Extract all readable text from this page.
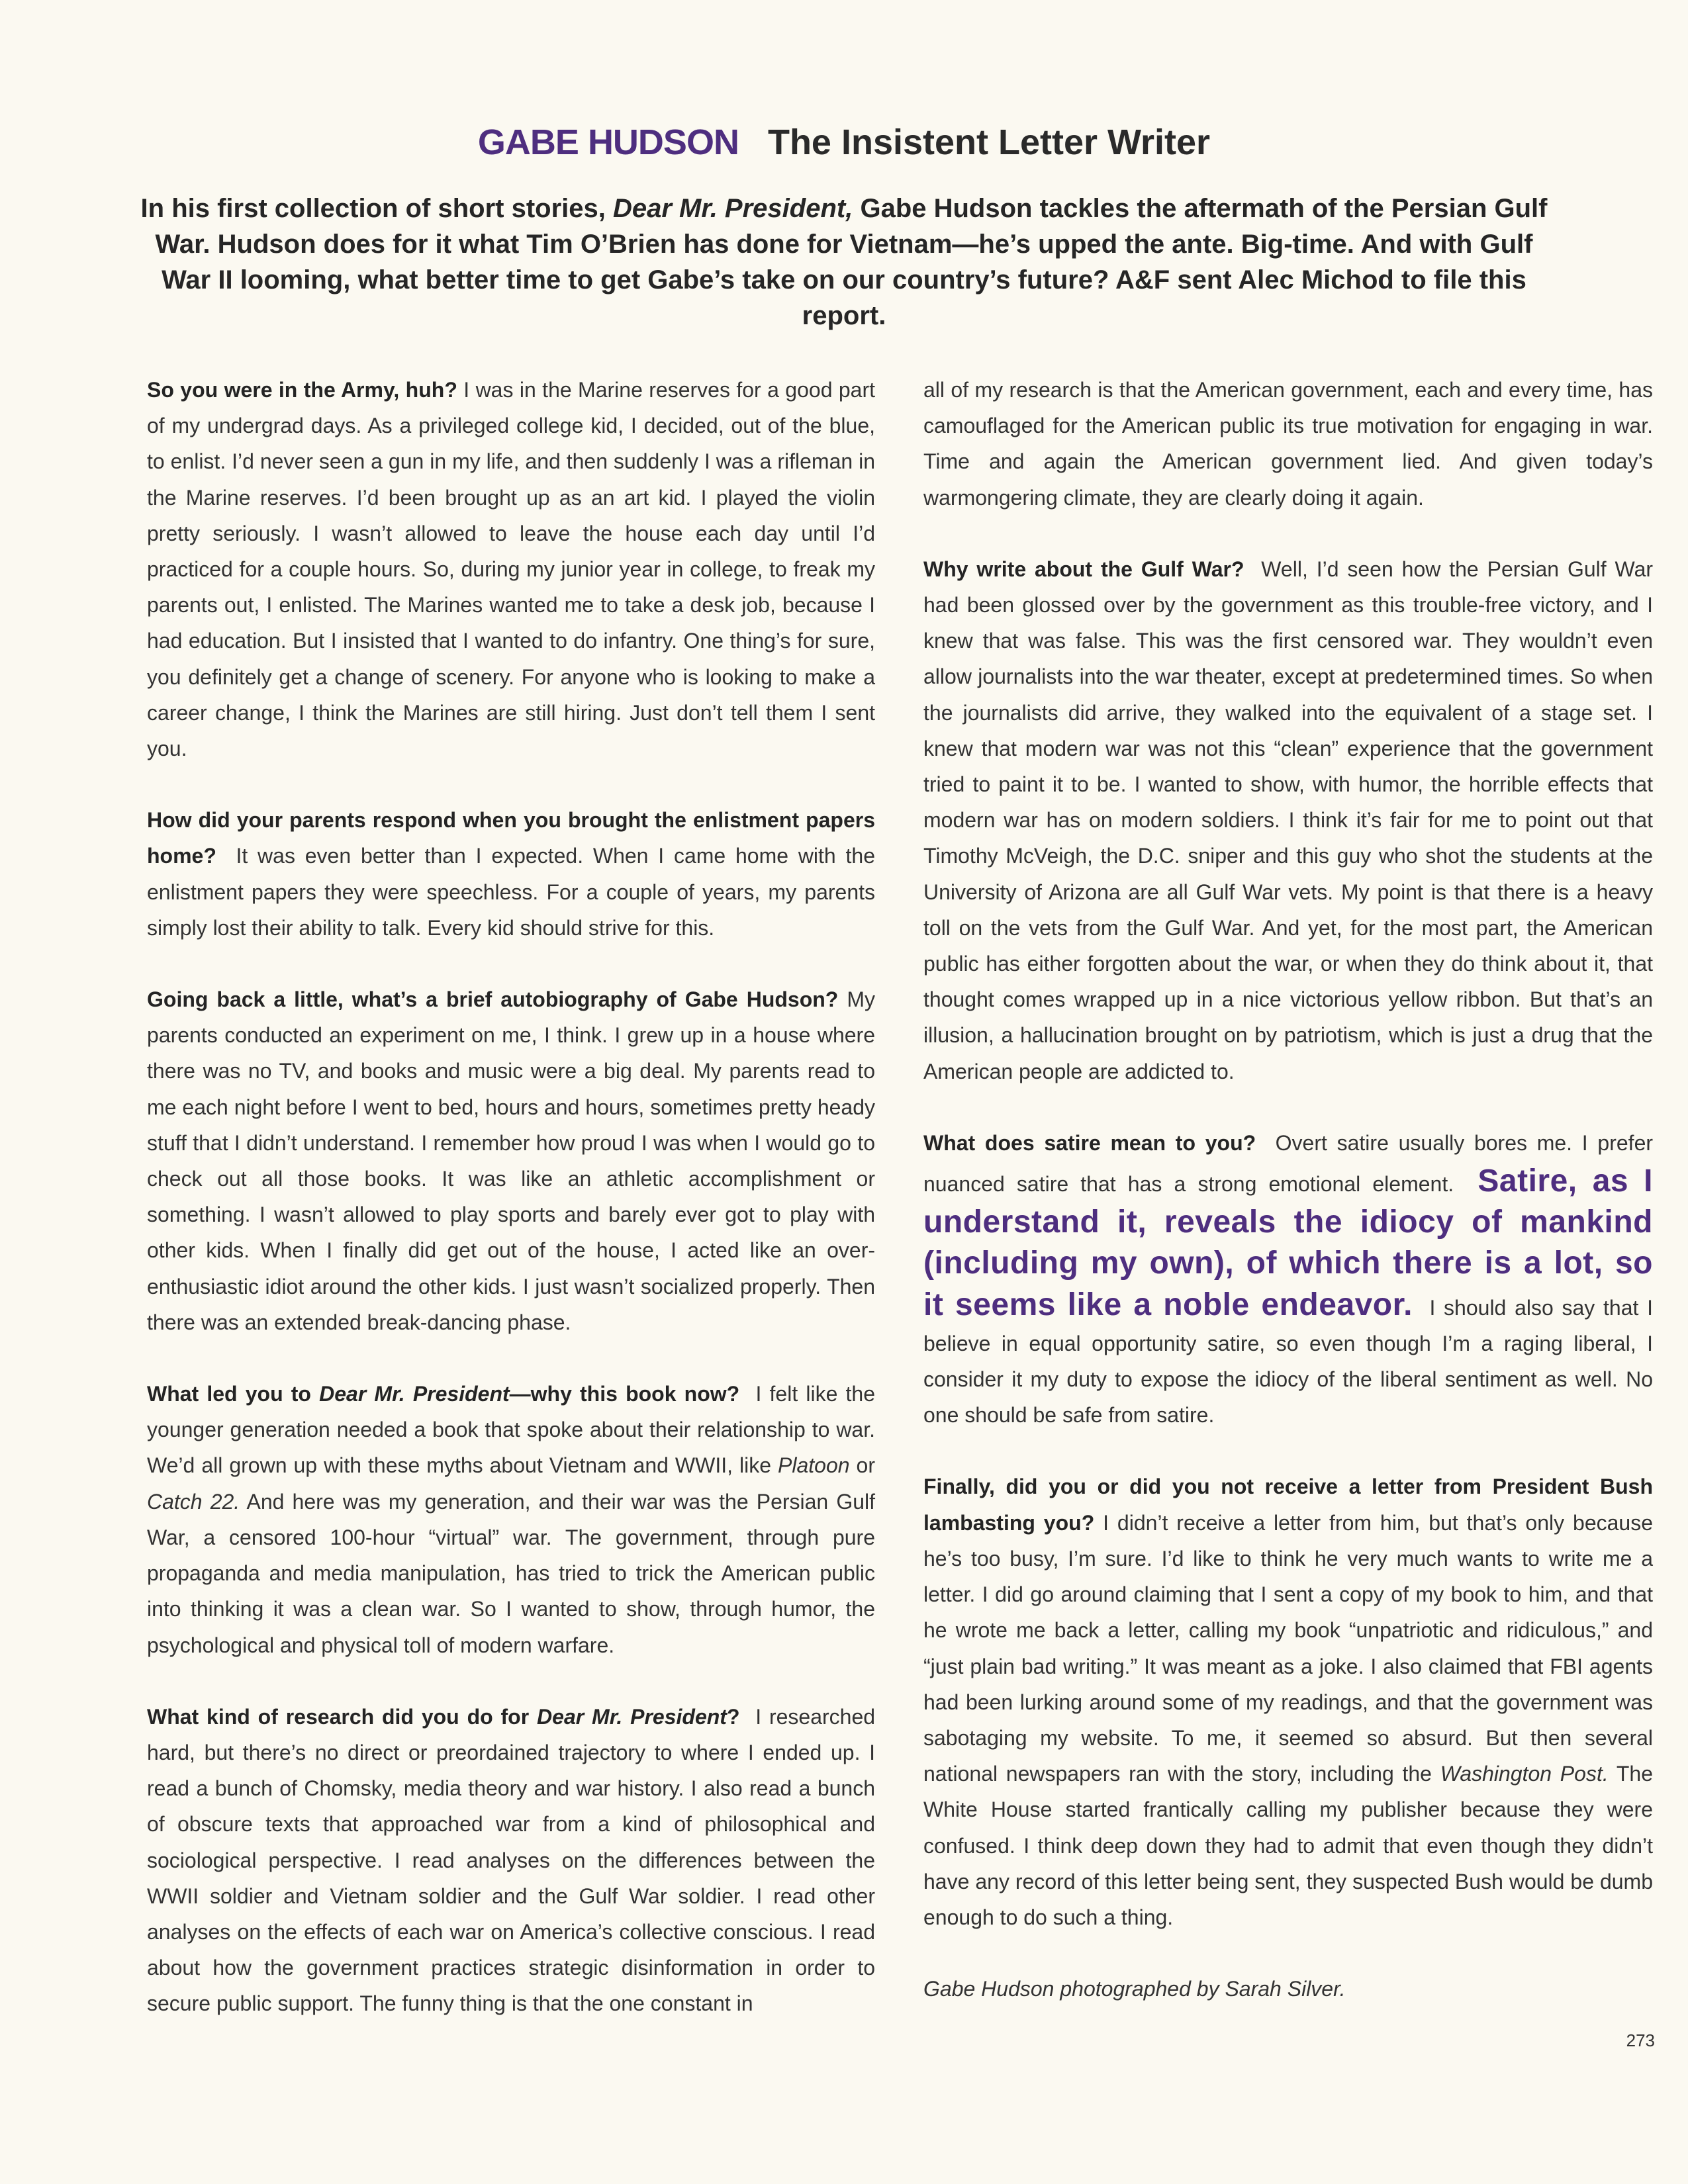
GABE HUDSON The Insistent Letter Writer
In his first collection of short stories, Dear Mr. President, Gabe Hudson tackles the aftermath of the Persian Gulf War. Hudson does for it what Tim O’Brien has done for Vietnam—he’s upped the ante. Big-time. And with Gulf War II looming, what better time to get Gabe’s take on our country’s future? A&F sent Alec Michod to file this report.

So you were in the Army, huh? I was in the Marine reserves for a good part of my undergrad days. As a privileged college kid, I decided, out of the blue, to enlist. I’d never seen a gun in my life, and then suddenly I was a rifleman in the Marine reserves. I’d been brought up as an art kid. I played the violin pretty seriously. I wasn’t allowed to leave the house each day until I’d practiced for a couple hours. So, during my junior year in college, to freak my parents out, I enlisted. The Marines wanted me to take a desk job, because I had education. But I insisted that I wanted to do infantry. One thing’s for sure, you definitely get a change of scenery. For anyone who is looking to make a career change, I think the Marines are still hiring. Just don’t tell them I sent you.

How did your parents respond when you brought the enlistment papers home? It was even better than I expected. When I came home with the enlistment papers they were speechless. For a couple of years, my parents simply lost their ability to talk. Every kid should strive for this.

Going back a little, what’s a brief autobiography of Gabe Hudson? My parents conducted an experiment on me, I think. I grew up in a house where there was no TV, and books and music were a big deal. My parents read to me each night before I went to bed, hours and hours, sometimes pretty heady stuff that I didn’t understand. I remember how proud I was when I would go to check out all those books. It was like an athletic accomplishment or something. I wasn’t allowed to play sports and barely ever got to play with other kids. When I finally did get out of the house, I acted like an over-enthusiastic idiot around the other kids. I just wasn’t socialized properly. Then there was an extended break-dancing phase.

What led you to Dear Mr. President—why this book now? I felt like the younger generation needed a book that spoke about their relationship to war. We’d all grown up with these myths about Vietnam and WWII, like Platoon or Catch 22. And here was my generation, and their war was the Persian Gulf War, a censored 100-hour “virtual” war. The government, through pure propaganda and media manipulation, has tried to trick the American public into thinking it was a clean war. So I wanted to show, through humor, the psychological and physical toll of modern warfare.

What kind of research did you do for Dear Mr. President? I researched hard, but there’s no direct or preordained trajectory to where I ended up. I read a bunch of Chomsky, media theory and war history. I also read a bunch of obscure texts that approached war from a kind of philosophical and sociological perspective. I read analyses on the differences between the WWII soldier and Vietnam soldier and the Gulf War soldier. I read other analyses on the effects of each war on America’s collective conscious. I read about how the government practices strategic disinformation in order to secure public support. The funny thing is that the one constant in

all of my research is that the American government, each and every time, has camouflaged for the American public its true motivation for engaging in war. Time and again the American government lied. And given today’s warmongering climate, they are clearly doing it again.

Why write about the Gulf War? Well, I’d seen how the Persian Gulf War had been glossed over by the government as this trouble-free victory, and I knew that was false. This was the first censored war. They wouldn’t even allow journalists into the war theater, except at predetermined times. So when the journalists did arrive, they walked into the equivalent of a stage set. I knew that modern war was not this “clean” experience that the government tried to paint it to be. I wanted to show, with humor, the horrible effects that modern war has on modern soldiers. I think it’s fair for me to point out that Timothy McVeigh, the D.C. sniper and this guy who shot the students at the University of Arizona are all Gulf War vets. My point is that there is a heavy toll on the vets from the Gulf War. And yet, for the most part, the American public has either forgotten about the war, or when they do think about it, that thought comes wrapped up in a nice victorious yellow ribbon. But that’s an illusion, a hallucination brought on by patriotism, which is just a drug that the American people are addicted to.

What does satire mean to you? Overt satire usually bores me. I prefer nuanced satire that has a strong emotional element. Satire, as I understand it, reveals the idiocy of mankind (including my own), of which there is a lot, so it seems like a noble endeavor. I should also say that I believe in equal opportunity satire, so even though I’m a raging liberal, I consider it my duty to expose the idiocy of the liberal sentiment as well. No one should be safe from satire.

Finally, did you or did you not receive a letter from President Bush lambasting you? I didn’t receive a letter from him, but that’s only because he’s too busy, I’m sure. I’d like to think he very much wants to write me a letter. I did go around claiming that I sent a copy of my book to him, and that he wrote me back a letter, calling my book “unpatriotic and ridiculous,” and “just plain bad writing.” It was meant as a joke. I also claimed that FBI agents had been lurking around some of my readings, and that the government was sabotaging my website. To me, it seemed so absurd. But then several national newspapers ran with the story, including the Washington Post. The White House started frantically calling my publisher because they were confused. I think deep down they had to admit that even though they didn’t have any record of this letter being sent, they suspected Bush would be dumb enough to do such a thing.

Gabe Hudson photographed by Sarah Silver.

273
